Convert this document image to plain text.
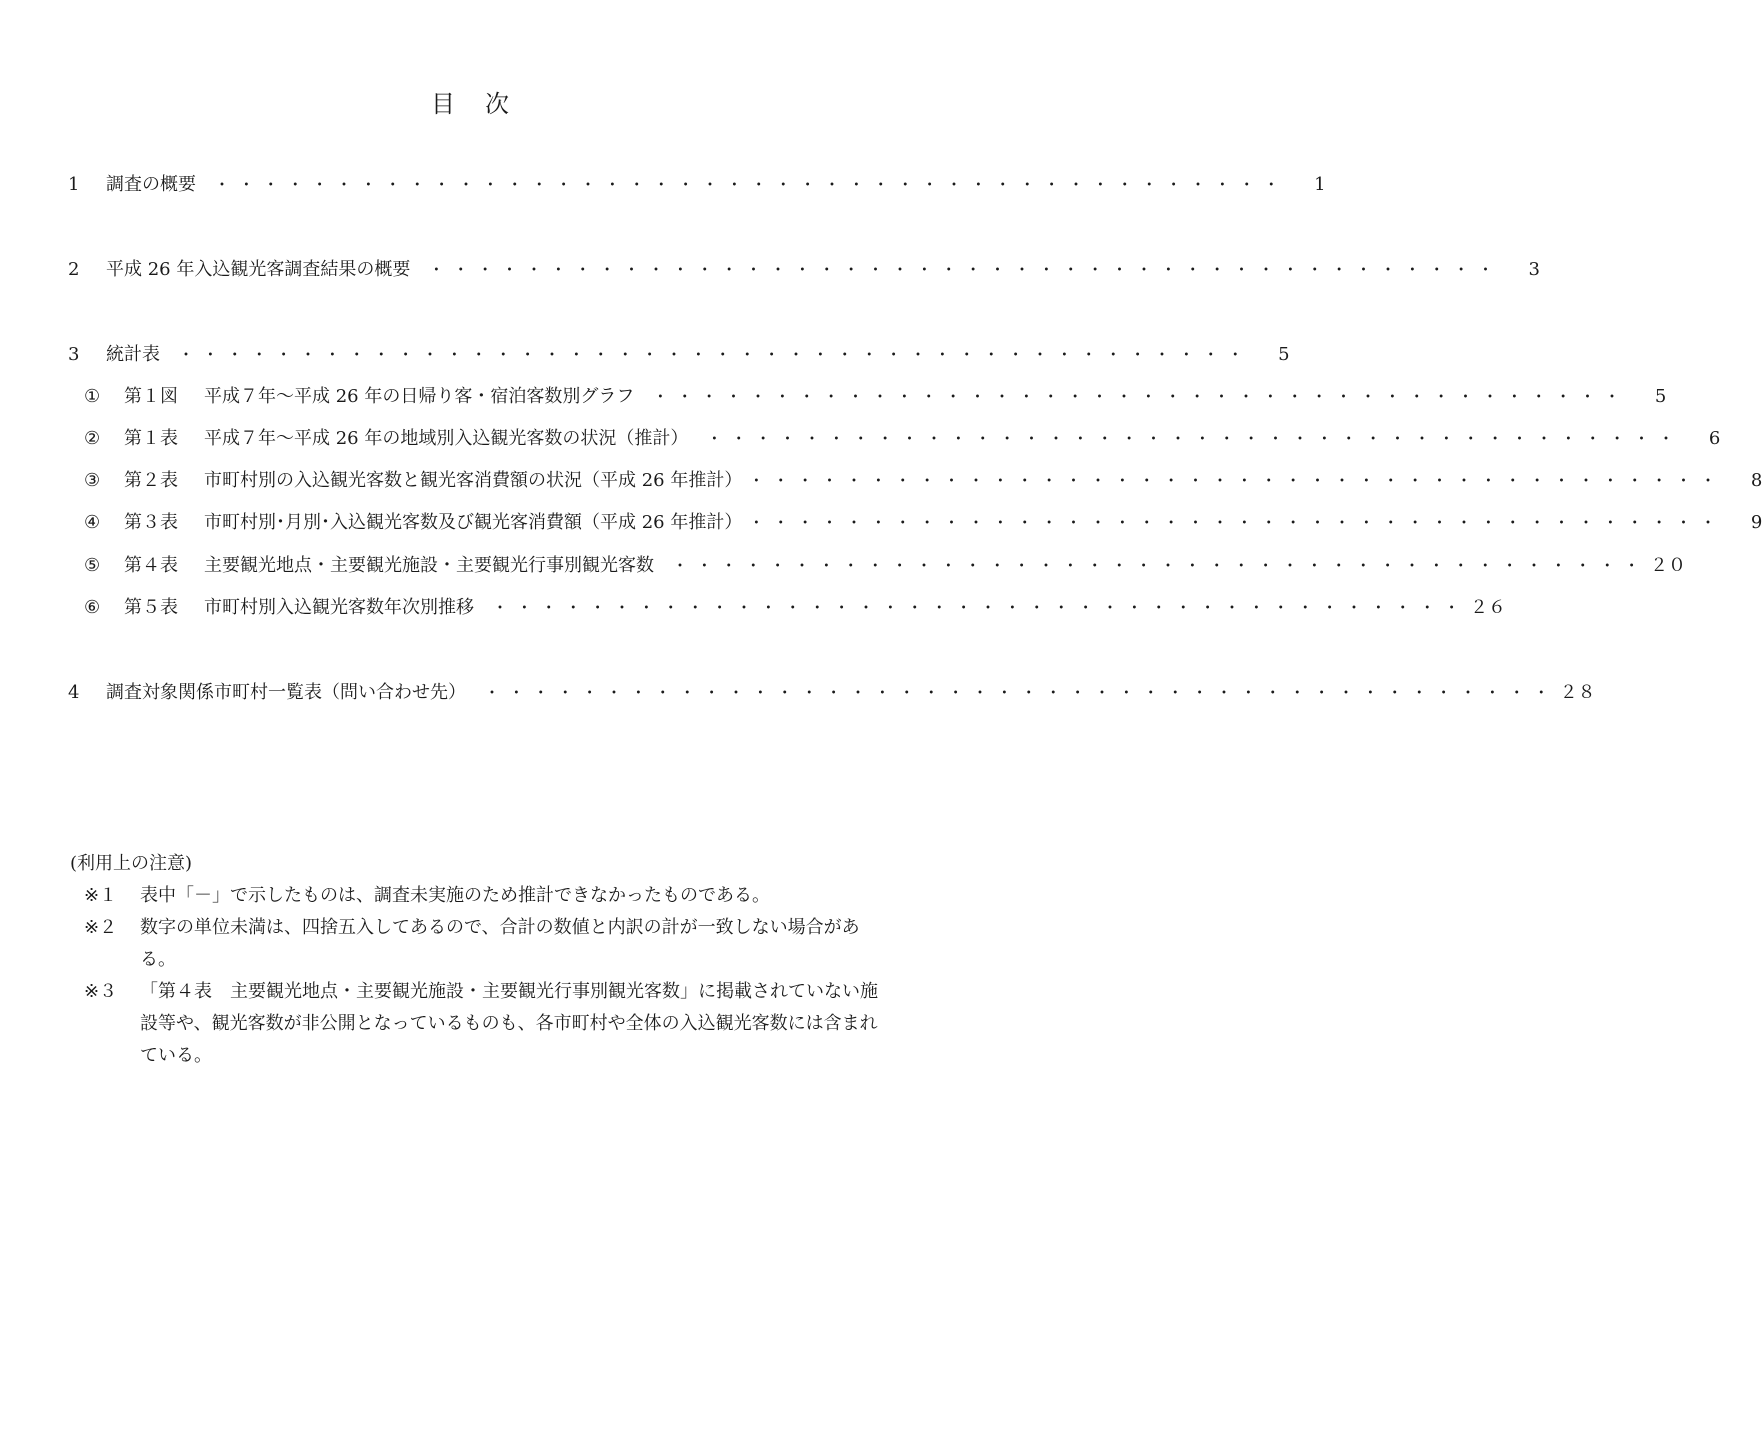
目 次
1	調査の概要	・・・・・・・・・・・・・・・・・・・・・・・・・・・・・・・・・・・・・・・・・・・・	1
2	平成 26 年入込観光客調査結果の概要	・・・・・・・・・・・・・・・・・・・・・・・・・・・・・・・・・・・・・・・・・・・・	3
3	統計表	・・・・・・・・・・・・・・・・・・・・・・・・・・・・・・・・・・・・・・・・・・・・	5
①	第１図	平成７年～平成 26 年の日帰り客・宿泊客数別グラフ	・・・・・・・・・・・・・・・・・・・・・・・・・・・・・・・・・・・・・・・・	5
②	第１表	平成７年～平成 26 年の地域別入込観光客数の状況（推計）	・・・・・・・・・・・・・・・・・・・・・・・・・・・・・・・・・・・・・・・・	6
③	第２表	市町村別の入込観光客数と観光客消費額の状況（平成 26 年推計） ・・・・・・・・・・・・・・・・・・・・・・・・・・・・・・・・・・・・・・・・	8
④	第３表	市町村別･月別･入込観光客数及び観光客消費額（平成 26 年推計） ・・・・・・・・・・・・・・・・・・・・・・・・・・・・・・・・・・・・・・・・	9
⑤	第４表	主要観光地点・主要観光施設・主要観光行事別観光客数	・・・・・・・・・・・・・・・・・・・・・・・・・・・・・・・・・・・・・・・・ ２０
⑥	第５表	市町村別入込観光客数年次別推移	・・・・・・・・・・・・・・・・・・・・・・・・・・・・・・・・・・・・・・・・ ２６
4	調査対象関係市町村一覧表（問い合わせ先）	・・・・・・・・・・・・・・・・・・・・・・・・・・・・・・・・・・・・・・・・・・・・ ２８
(利用上の注意)
※１	表中「－」で示したものは、調査未実施のため推計できなかったものである。
※２	数字の単位未満は、四捨五入してあるので、合計の数値と内訳の計が一致しない場合がある。
※３	「第４表　主要観光地点・主要観光施設・主要観光行事別観光客数」に掲載されていない施設等や、観光客数が非公開となっているものも、各市町村や全体の入込観光客数には含まれている。
